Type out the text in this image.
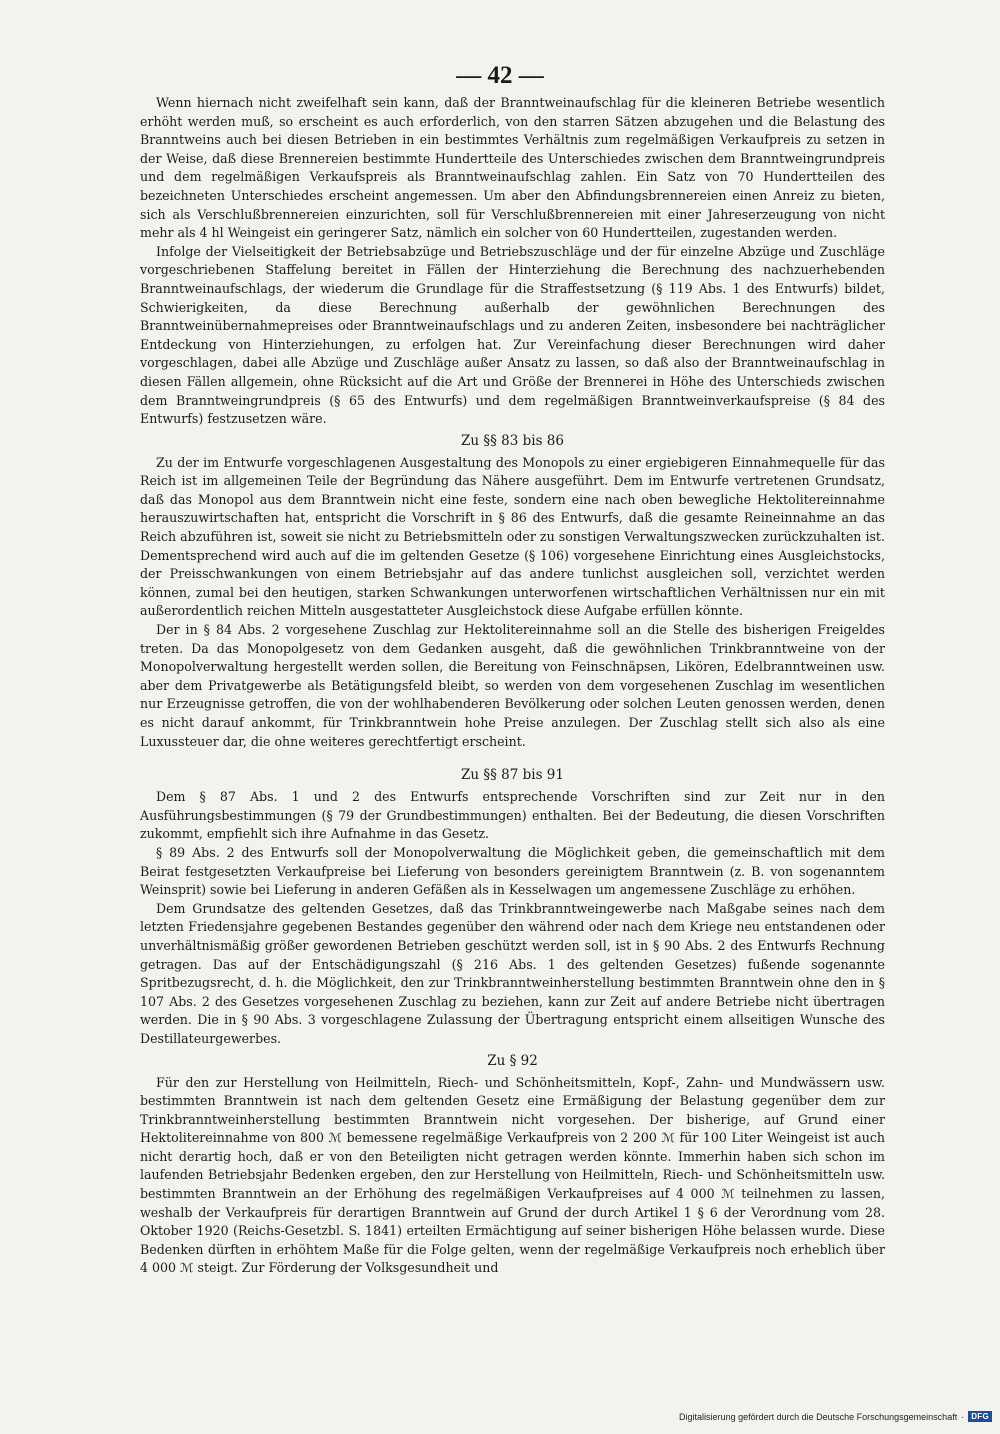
— 42 —

Wenn hiernach nicht zweifelhaft sein kann, daß der Branntweinaufschlag für die kleineren Betriebe wesentlich erhöht werden muß, so erscheint es auch erforderlich, von den starren Sätzen abzugehen und die Belastung des Branntweins auch bei diesen Betrieben in ein bestimmtes Verhältnis zum regelmäßigen Verkaufpreis zu setzen in der Weise, daß diese Brennereien bestimmte Hundertteile des Unterschiedes zwischen dem Branntweingrundpreis und dem regelmäßigen Verkaufspreis als Branntweinaufschlag zahlen. Ein Satz von 70 Hundertteilen des bezeichneten Unterschiedes erscheint angemessen. Um aber den Abfindungsbrennereien einen Anreiz zu bieten, sich als Verschlußbrennereien einzurichten, soll für Verschlußbrennereien mit einer Jahreserzeugung von nicht mehr als 4 hl Weingeist ein geringerer Satz, nämlich ein solcher von 60 Hundertteilen, zugestanden werden.

Infolge der Vielseitigkeit der Betriebsabzüge und Betriebszuschläge und der für einzelne Abzüge und Zuschläge vorgeschriebenen Staffelung bereitet in Fällen der Hinterziehung die Berechnung des nachzuerhebenden Branntweinaufschlags, der wiederum die Grundlage für die Straffestsetzung (§ 119 Abs. 1 des Entwurfs) bildet, Schwierigkeiten, da diese Berechnung außerhalb der gewöhnlichen Berechnungen des Branntweinübernahmepreises oder Branntweinaufschlags und zu anderen Zeiten, insbesondere bei nachträglicher Entdeckung von Hinterziehungen, zu erfolgen hat. Zur Vereinfachung dieser Berechnungen wird daher vorgeschlagen, dabei alle Abzüge und Zuschläge außer Ansatz zu lassen, so daß also der Branntweinaufschlag in diesen Fällen allgemein, ohne Rücksicht auf die Art und Größe der Brennerei in Höhe des Unterschieds zwischen dem Branntweingrundpreis (§ 65 des Entwurfs) und dem regelmäßigen Branntweinverkaufspreise (§ 84 des Entwurfs) festzusetzen wäre.

Zu §§ 83 bis 86

Zu der im Entwurfe vorgeschlagenen Ausgestaltung des Monopols zu einer ergiebigeren Einnahmequelle für das Reich ist im allgemeinen Teile der Begründung das Nähere ausgeführt. Dem im Entwurfe vertretenen Grundsatz, daß das Monopol aus dem Branntwein nicht eine feste, sondern eine nach oben bewegliche Hektolitereinnahme herauszuwirtschaften hat, entspricht die Vorschrift in § 86 des Entwurfs, daß die gesamte Reineinnahme an das Reich abzuführen ist, soweit sie nicht zu Betriebsmitteln oder zu sonstigen Verwaltungszwecken zurückzuhalten ist. Dementsprechend wird auch auf die im geltenden Gesetze (§ 106) vorgesehene Einrichtung eines Ausgleichstocks, der Preisschwankungen von einem Betriebsjahr auf das andere tunlichst ausgleichen soll, verzichtet werden können, zumal bei den heutigen, starken Schwankungen unterworfenen wirtschaftlichen Verhältnissen nur ein mit außerordentlich reichen Mitteln ausgestatteter Ausgleichstock diese Aufgabe erfüllen könnte.

Der in § 84 Abs. 2 vorgesehene Zuschlag zur Hektolitereinnahme soll an die Stelle des bisherigen Freigeldes treten. Da das Monopolgesetz von dem Gedanken ausgeht, daß die gewöhnlichen Trinkbranntweine von der Monopolverwaltung hergestellt werden sollen, die Bereitung von Feinschnäpsen, Likören, Edelbranntweinen usw. aber dem Privatgewerbe als Betätigungsfeld bleibt, so werden von dem vorgesehenen Zuschlag im wesentlichen nur Erzeugnisse getroffen, die von der wohlhabenderen Bevölkerung oder solchen Leuten genossen werden, denen es nicht darauf ankommt, für Trinkbranntwein hohe Preise anzulegen. Der Zuschlag stellt sich also als eine Luxussteuer dar, die ohne weiteres gerechtfertigt erscheint.

Zu §§ 87 bis 91

Dem § 87 Abs. 1 und 2 des Entwurfs entsprechende Vorschriften sind zur Zeit nur in den Ausführungsbestimmungen (§ 79 der Grundbestimmungen) enthalten. Bei der Bedeutung, die diesen Vorschriften zukommt, empfiehlt sich ihre Aufnahme in das Gesetz.

§ 89 Abs. 2 des Entwurfs soll der Monopolverwaltung die Möglichkeit geben, die gemeinschaftlich mit dem Beirat festgesetzten Verkaufpreise bei Lieferung von besonders gereinigtem Branntwein (z. B. von sogenanntem Weinsprit) sowie bei Lieferung in anderen Gefäßen als in Kesselwagen um angemessene Zuschläge zu erhöhen.

Dem Grundsatze des geltenden Gesetzes, daß das Trinkbranntweingewerbe nach Maßgabe seines nach dem letzten Friedensjahre gegebenen Bestandes gegenüber den während oder nach dem Kriege neu entstandenen oder unverhältnismäßig größer gewordenen Betrieben geschützt werden soll, ist in § 90 Abs. 2 des Entwurfs Rechnung getragen. Das auf der Entschädigungszahl (§ 216 Abs. 1 des geltenden Gesetzes) fußende sogenannte Spritbezugsrecht, d. h. die Möglichkeit, den zur Trinkbranntweinherstellung bestimmten Branntwein ohne den in § 107 Abs. 2 des Gesetzes vorgesehenen Zuschlag zu beziehen, kann zur Zeit auf andere Betriebe nicht übertragen werden. Die in § 90 Abs. 3 vorgeschlagene Zulassung der Übertragung entspricht einem allseitigen Wunsche des Destillateurgewerbes.

Zu § 92

Für den zur Herstellung von Heilmitteln, Riech- und Schönheitsmitteln, Kopf-, Zahn- und Mundwässern usw. bestimmten Branntwein ist nach dem geltenden Gesetz eine Ermäßigung der Belastung gegenüber dem zur Trinkbranntweinherstellung bestimmten Branntwein nicht vorgesehen. Der bisherige, auf Grund einer Hektolitereinnahme von 800 ℳ bemessene regelmäßige Verkaufpreis von 2 200 ℳ für 100 Liter Weingeist ist auch nicht derartig hoch, daß er von den Beteiligten nicht getragen werden könnte. Immerhin haben sich schon im laufenden Betriebsjahr Bedenken ergeben, den zur Herstellung von Heilmitteln, Riech- und Schönheitsmitteln usw. bestimmten Branntwein an der Erhöhung des regelmäßigen Verkaufpreises auf 4 000 ℳ teilnehmen zu lassen, weshalb der Verkaufpreis für derartigen Branntwein auf Grund der durch Artikel 1 § 6 der Verordnung vom 28. Oktober 1920 (Reichs-Gesetzbl. S. 1841) erteilten Ermächtigung auf seiner bisherigen Höhe belassen wurde. Diese Bedenken dürften in erhöhtem Maße für die Folge gelten, wenn der regelmäßige Verkaufpreis noch erheblich über 4 000 ℳ steigt. Zur Förderung der Volksgesundheit und

Digitalisierung gefördert durch die Deutsche Forschungsgemeinschaft · DFG
